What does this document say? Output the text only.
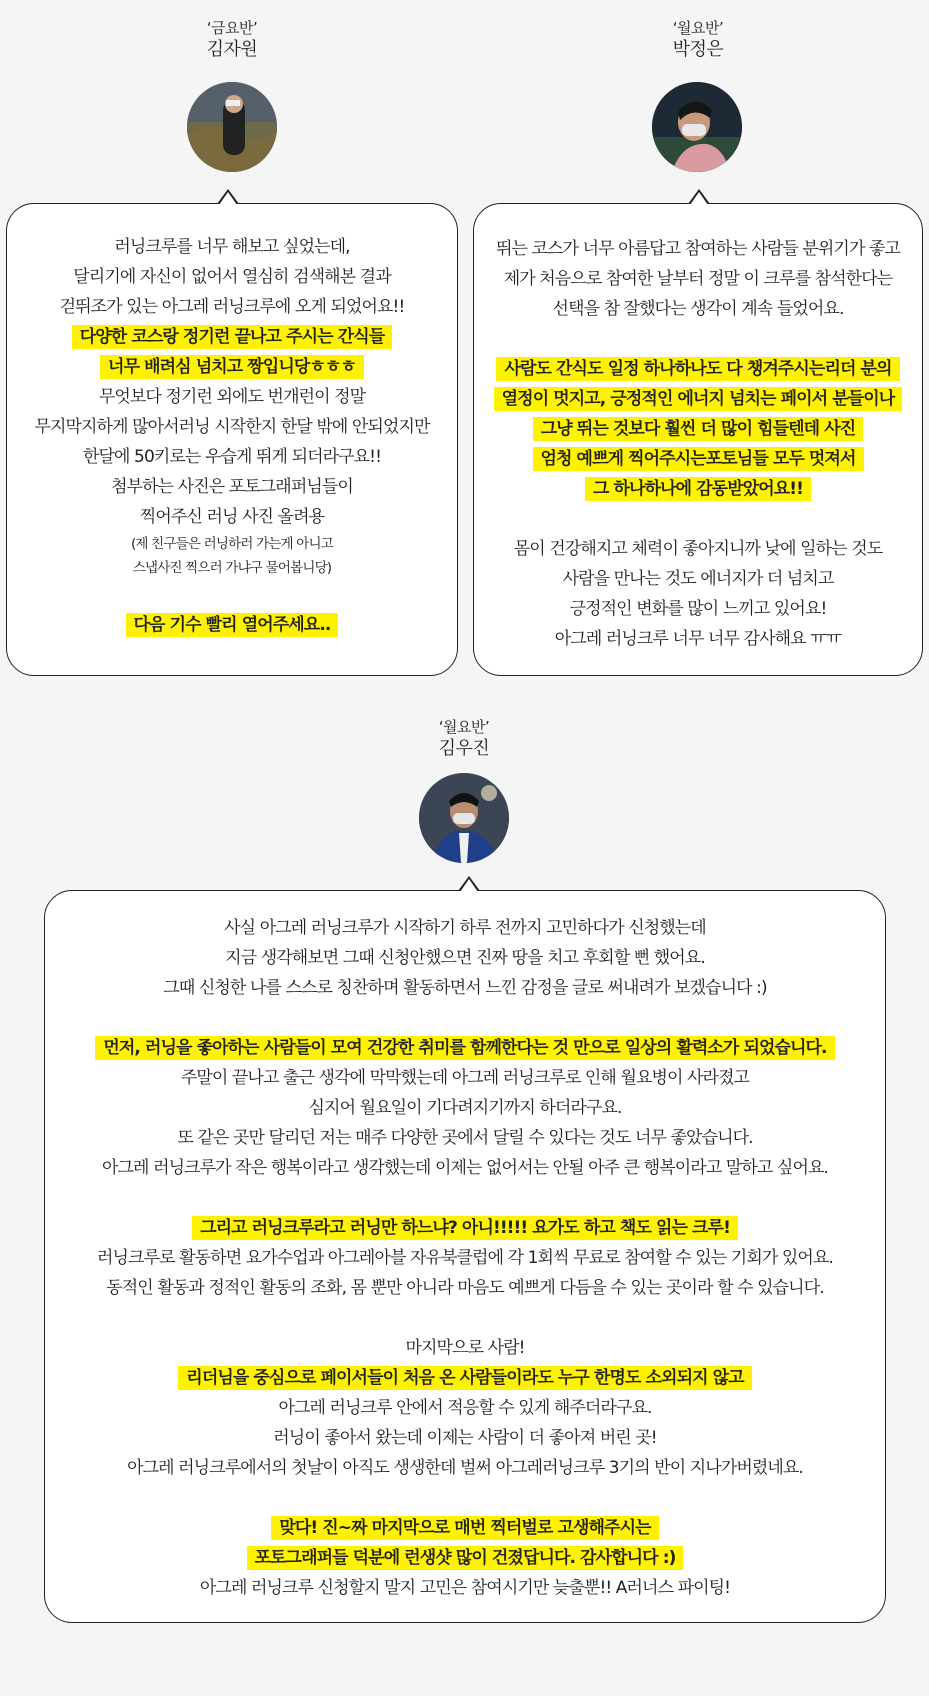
‘금요반’
김자원
러닝크루를 너무 해보고 싶었는데,
달리기에 자신이 없어서 열심히 검색해본 결과
걷뛰조가 있는 아그레 러닝크루에 오게 되었어요!!
다양한 코스랑 정기런 끝나고 주시는 간식들
너무 배려심 넘치고 짱입니당ㅎㅎㅎ
무엇보다 정기런 외에도 번개런이 정말
무지막지하게 많아서러닝 시작한지 한달 밖에 안되었지만
한달에 50키로는 우습게 뛰게 되더라구요!!
첨부하는 사진은 포토그래퍼님들이
찍어주신 러닝 사진 올려용
(제 친구들은 러닝하러 가는게 아니고
스냅사진 찍으러 가냐구 물어봅니당)
다음 기수 빨리 열어주세요..
‘월요반’
박정은
뛰는 코스가 너무 아름답고 참여하는 사람들 분위기가 좋고
제가 처음으로 참여한 날부터 정말 이 크루를 참석한다는
선택을 참 잘했다는 생각이 계속 들었어요.
사람도 간식도 일정 하나하나도 다 챙겨주시는리더 분의
열정이 멋지고, 긍정적인 에너지 넘치는 페이서 분들이나
그냥 뛰는 것보다 훨씬 더 많이 힘들텐데 사진
엄청 예쁘게 찍어주시는포토님들 모두 멋져서
그 하나하나에 감동받았어요!!
몸이 건강해지고 체력이 좋아지니까 낮에 일하는 것도
사람을 만나는 것도 에너지가 더 넘치고
긍정적인 변화를 많이 느끼고 있어요!
아그레 러닝크루 너무 너무 감사해요 ㅠㅠ
‘월요반’
김우진
사실 아그레 러닝크루가 시작하기 하루 전까지 고민하다가 신청했는데
지금 생각해보면 그때 신청안했으면 진짜 땅을 치고 후회할 뻔 했어요.
그때 신청한 나를 스스로 칭찬하며 활동하면서 느낀 감정을 글로 써내려가 보겠습니다 :)
먼저, 러닝을 좋아하는 사람들이 모여 건강한 취미를 함께한다는 것 만으로 일상의 활력소가 되었습니다.
주말이 끝나고 출근 생각에 막막했는데 아그레 러닝크루로 인해 월요병이 사라졌고
심지어 월요일이 기다려지기까지 하더라구요.
또 같은 곳만 달리던 저는 매주 다양한 곳에서 달릴 수 있다는 것도 너무 좋았습니다.
아그레 러닝크루가 작은 행복이라고 생각했는데 이제는 없어서는 안될 아주 큰 행복이라고 말하고 싶어요.
그리고 러닝크루라고 러닝만 하느냐? 아니!!!!! 요가도 하고 책도 읽는 크루!
러닝크루로 활동하면 요가수업과 아그레아블 자유북클럽에 각 1회씩 무료로 참여할 수 있는 기회가 있어요.
동적인 활동과 정적인 활동의 조화, 몸 뿐만 아니라 마음도 예쁘게 다듬을 수 있는 곳이라 할 수 있습니다.
마지막으로 사람!
리더님을 중심으로 페이서들이 처음 온 사람들이라도 누구 한명도 소외되지 않고
아그레 러닝크루 안에서 적응할 수 있게 해주더라구요.
러닝이 좋아서 왔는데 이제는 사람이 더 좋아져 버린 곳!
아그레 러닝크루에서의 첫날이 아직도 생생한데 벌써 아그레러닝크루 3기의 반이 지나가버렸네요.
맞다! 진~짜 마지막으로 매번 찍터벌로 고생해주시는
포토그래퍼들 덕분에 런생샷 많이 건졌답니다. 감사합니다 :)
아그레 러닝크루 신청할지 말지 고민은 참여시기만 늦출뿐!! A러너스 파이팅!
